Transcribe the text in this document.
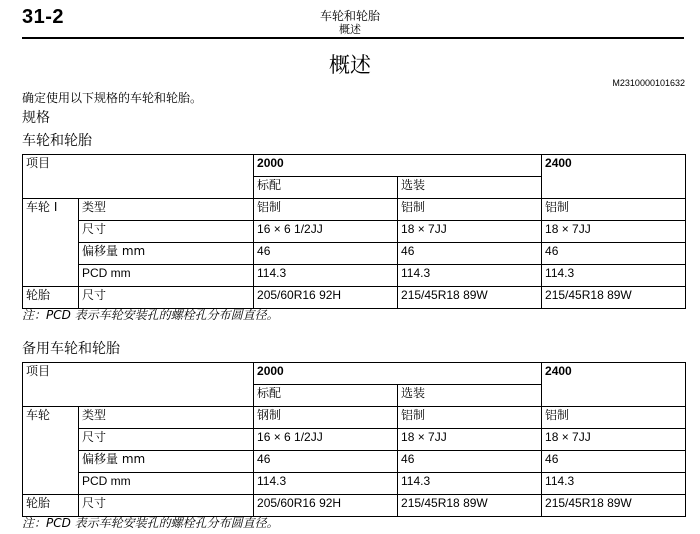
31-2	车轮和轮胎
概述
概述
M2310000101632
确定使用以下规格的车轮和轮胎。
规格
车轮和轮胎
项目		2000		2400
		标配	选装	
车轮 I	类型	铝制	铝制	铝制
	尺寸	16 × 6 1/2JJ	18 × 7JJ	18 × 7JJ
	偏移量 mm	46	46	46
	PCD mm	114.3	114.3	114.3
轮胎	尺寸	205/60R16 92H	215/45R18 89W	215/45R18 89W
注：PCD 表示车轮安装孔的螺栓孔分布圆直径。
备用车轮和轮胎
项目		2000		2400
		标配	选装	
车轮	类型	钢制	铝制	铝制
	尺寸	16 × 6 1/2JJ	18 × 7JJ	18 × 7JJ
	偏移量 mm	46	46	46
	PCD mm	114.3	114.3	114.3
轮胎	尺寸	205/60R16 92H	215/45R18 89W	215/45R18 89W
注：PCD 表示车轮安装孔的螺栓孔分布圆直径。
